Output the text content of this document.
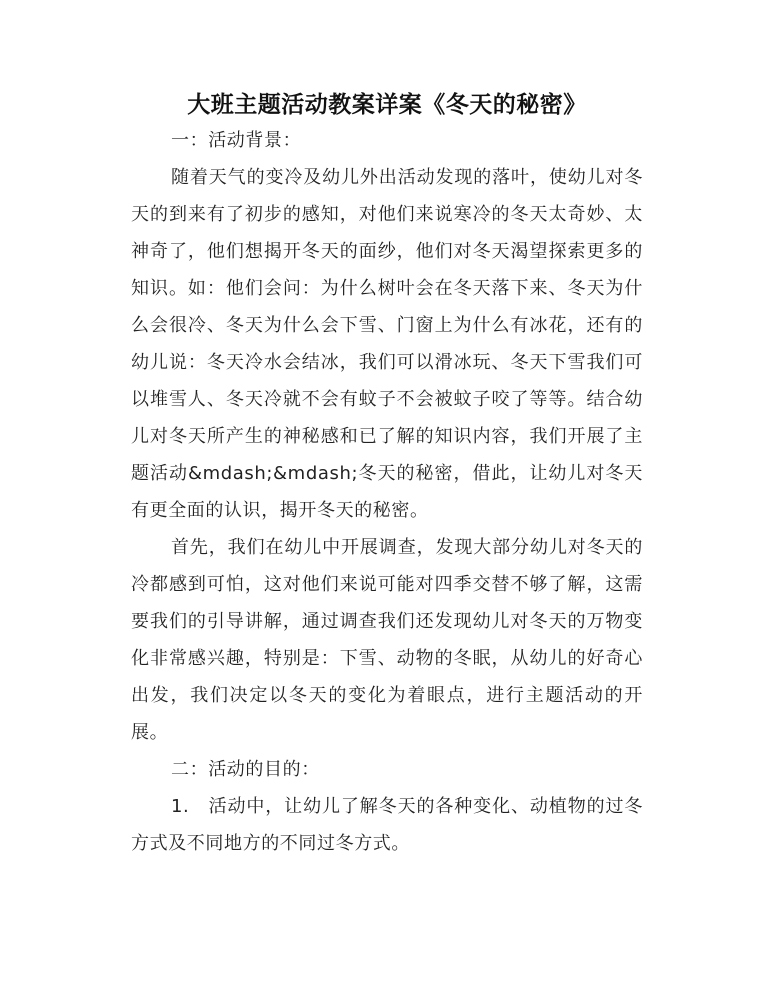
大班主题活动教案详案《冬天的秘密》

一：活动背景：

随着天气的变冷及幼儿外出活动发现的落叶，使幼儿对冬天的到来有了初步的感知，对他们来说寒冷的冬天太奇妙、太神奇了，他们想揭开冬天的面纱，他们对冬天渴望探索更多的知识。如：他们会问：为什么树叶会在冬天落下来、冬天为什么会很冷、冬天为什么会下雪、门窗上为什么有冰花，还有的幼儿说：冬天冷水会结冰，我们可以滑冰玩、冬天下雪我们可以堆雪人、冬天冷就不会有蚊子不会被蚊子咬了等等。结合幼儿对冬天所产生的神秘感和已了解的知识内容，我们开展了主题活动&mdash;&mdash;冬天的秘密，借此，让幼儿对冬天有更全面的认识，揭开冬天的秘密。

首先，我们在幼儿中开展调查，发现大部分幼儿对冬天的冷都感到可怕，这对他们来说可能对四季交替不够了解，这需要我们的引导讲解，通过调查我们还发现幼儿对冬天的万物变化非常感兴趣，特别是：下雪、动物的冬眠，从幼儿的好奇心出发，我们决定以冬天的变化为着眼点，进行主题活动的开展。

二：活动的目的：

1.　活动中，让幼儿了解冬天的各种变化、动植物的过冬方式及不同地方的不同过冬方式。
